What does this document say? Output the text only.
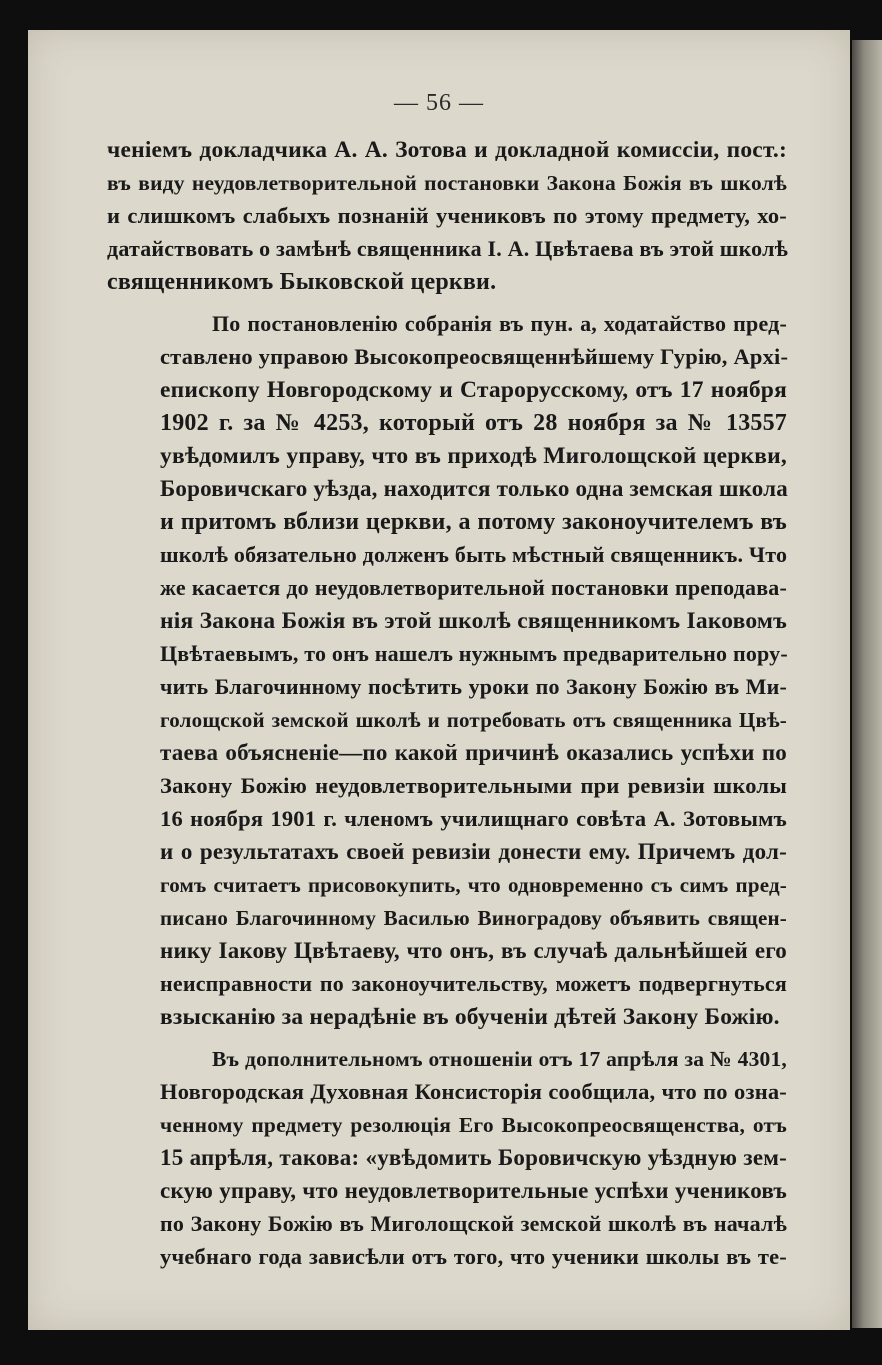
— 56 —
ченіемъ докладчика А. А. Зотова и докладной комиссіи, пост.:
въ виду неудовлетворительной постановки Закона Божія въ школѣ
и слишкомъ слабыхъ познаній учениковъ по этому предмету, хо-
датайствовать о замѣнѣ священника І. А. Цвѣтаева въ этой школѣ
священникомъ Быковской церкви.
По постановленію собранія въ пун. а, ходатайство пред-
ставлено управою Высокопреосвященнѣйшему Гурію, Архі-
епископу Новгородскому и Старорусскому, отъ 17 ноября
1902 г. за № 4253, который отъ 28 ноября за № 13557
увѣдомилъ управу, что въ приходѣ Миголощской церкви,
Боровичскаго уѣзда, находится только одна земская школа
и притомъ вблизи церкви, а потому законоучителемъ въ
школѣ обязательно долженъ быть мѣстный священникъ. Что
же касается до неудовлетворительной постановки преподава-
нія Закона Божія въ этой школѣ священникомъ Іаковомъ
Цвѣтаевымъ, то онъ нашелъ нужнымъ предварительно пору-
чить Благочинному посѣтить уроки по Закону Божію въ Ми-
голощской земской школѣ и потребовать отъ священника Цвѣ-
таева объясненіе—по какой причинѣ оказались успѣхи по
Закону Божію неудовлетворительными при ревизіи школы
16 ноября 1901 г. членомъ училищнаго совѣта А. Зотовымъ
и о результатахъ своей ревизіи донести ему. Причемъ дол-
гомъ считаетъ присовокупить, что одновременно съ симъ пред-
писано Благочинному Василью Виноградову объявить священ-
нику Іакову Цвѣтаеву, что онъ, въ случаѣ дальнѣйшей его
неисправности по законоучительству, можетъ подвергнуться
взысканію за нерадѣніе въ обученіи дѣтей Закону Божію.
Въ дополнительномъ отношеніи отъ 17 апрѣля за № 4301,
Новгородская Духовная Консисторія сообщила, что по озна-
ченному предмету резолюція Его Высокопреосвященства, отъ
15 апрѣля, такова: «увѣдомить Боровичскую уѣздную зем-
скую управу, что неудовлетворительные успѣхи учениковъ
по Закону Божію въ Миголощской земской школѣ въ началѣ
учебнаго года зависѣли отъ того, что ученики школы въ те-
